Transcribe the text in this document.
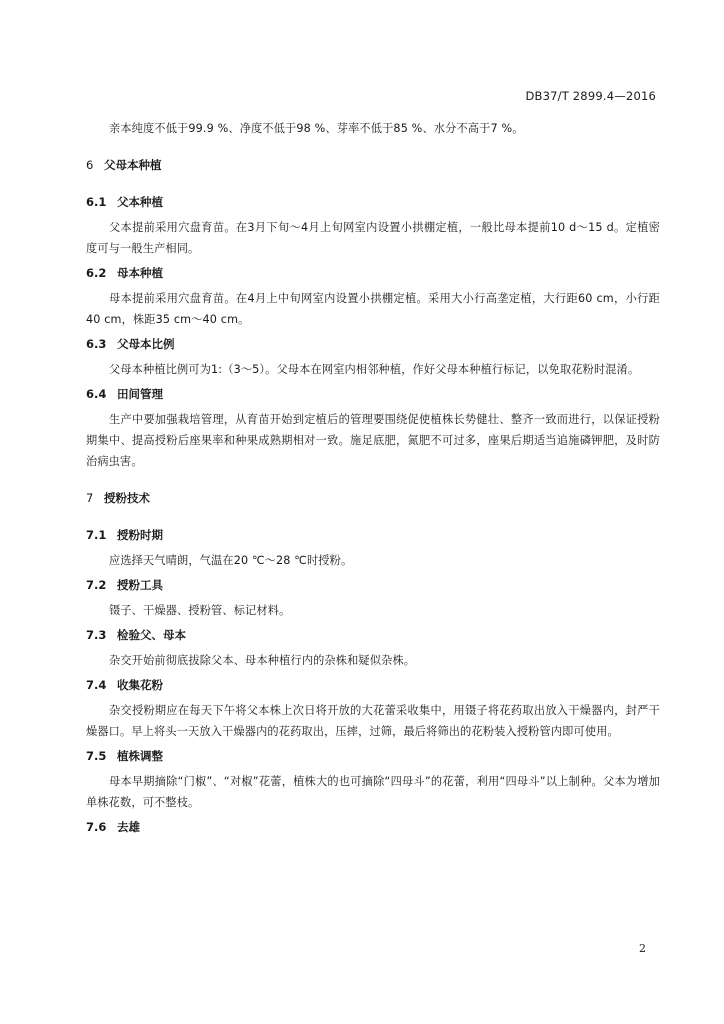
DB37/T 2899.4—2016

亲本纯度不低于99.9 %、净度不低于98 %、芽率不低于85 %、水分不高于7 %。

6 父母本种植
6.1 父本种植

父本提前采用穴盘育苗。在3月下旬～4月上旬网室内设置小拱棚定植，一般比母本提前10 d～15 d。定植密度可与一般生产相同。

6.2 母本种植

母本提前采用穴盘育苗。在4月上中旬网室内设置小拱棚定植。采用大小行高垄定植，大行距60 cm，小行距40 cm，株距35 cm～40 cm。

6.3 父母本比例

父母本种植比例可为1:（3～5）。父母本在网室内相邻种植，作好父母本种植行标记，以免取花粉时混淆。

6.4 田间管理

生产中要加强栽培管理，从育苗开始到定植后的管理要围绕促使植株长势健壮、整齐一致而进行，以保证授粉期集中、提高授粉后座果率和种果成熟期相对一致。施足底肥，氮肥不可过多，座果后期适当追施磷钾肥，及时防治病虫害。

7 授粉技术
7.1 授粉时期

应选择天气晴朗，气温在20 ℃～28 ℃时授粉。

7.2 授粉工具

镊子、干燥器、授粉管、标记材料。

7.3 检验父、母本

杂交开始前彻底拔除父本、母本种植行内的杂株和疑似杂株。

7.4 收集花粉

杂交授粉期应在每天下午将父本株上次日将开放的大花蕾采收集中，用镊子将花药取出放入干燥器内，封严干燥器口。早上将头一天放入干燥器内的花药取出，压摔，过筛，最后将筛出的花粉装入授粉管内即可使用。

7.5 植株调整

母本早期摘除“门椒”、“对椒”花蕾，植株大的也可摘除“四母斗”的花蕾，利用“四母斗”以上制种。父本为增加单株花数，可不整枝。

7.6 去雄
2
